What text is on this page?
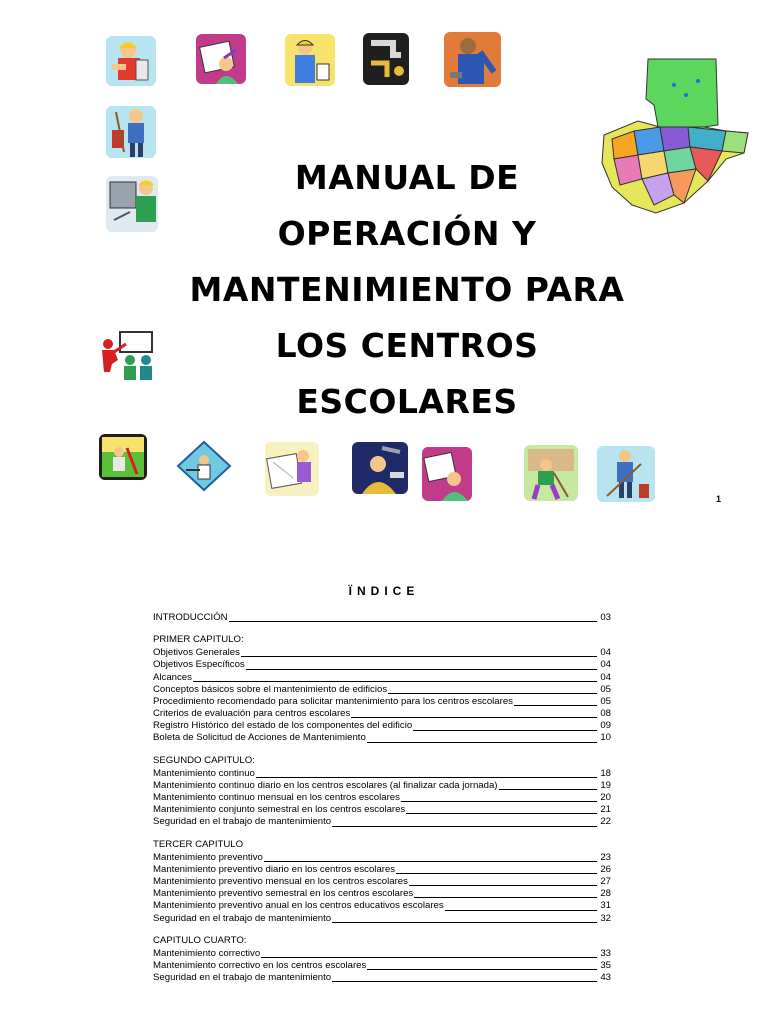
MANUAL DE
OPERACIÓN Y
MANTENIMIENTO PARA
LOS CENTROS
ESCOLARES
1
ÏNDICE
INTRODUCCIÓN	03
PRIMER CAPITULO:
Objetivos Generales	04
Objetivos Específicos	04
Alcances	04
Conceptos básicos sobre el mantenimiento de edificios	05
Procedimiento recomendado para solicitar mantenimiento para los centros escolares	05
Criterios de evaluación para centros escolares	08
Registro Histórico del estado de los componentes del edificio	09
Boleta de Solicitud de Acciones de Mantenimiento	10
SEGUNDO CAPITULO:
Mantenimiento continuo	18
Mantenimiento continuo diario en los centros escolares (al finalizar cada jornada)	19
Mantenimiento continuo mensual en los centros escolares	20
Mantenimiento conjunto semestral en los centros escolares	21
Seguridad en el trabajo de mantenimiento	22
TERCER CAPITULO
Mantenimiento preventivo	23
Mantenimiento preventivo diario en los centros escolares	26
Mantenimiento preventivo mensual en los centros escolares	27
Mantenimiento preventivo semestral en los centros escolares	28
Mantenimiento preventivo anual en los centros educativos escolares	31
Seguridad en el trabajo de mantenimiento	32
CAPITULO CUARTO:
Mantenimiento correctivo	33
Mantenimiento correctivo en los centros escolares	35
Seguridad en el trabajo de mantenimiento	43
